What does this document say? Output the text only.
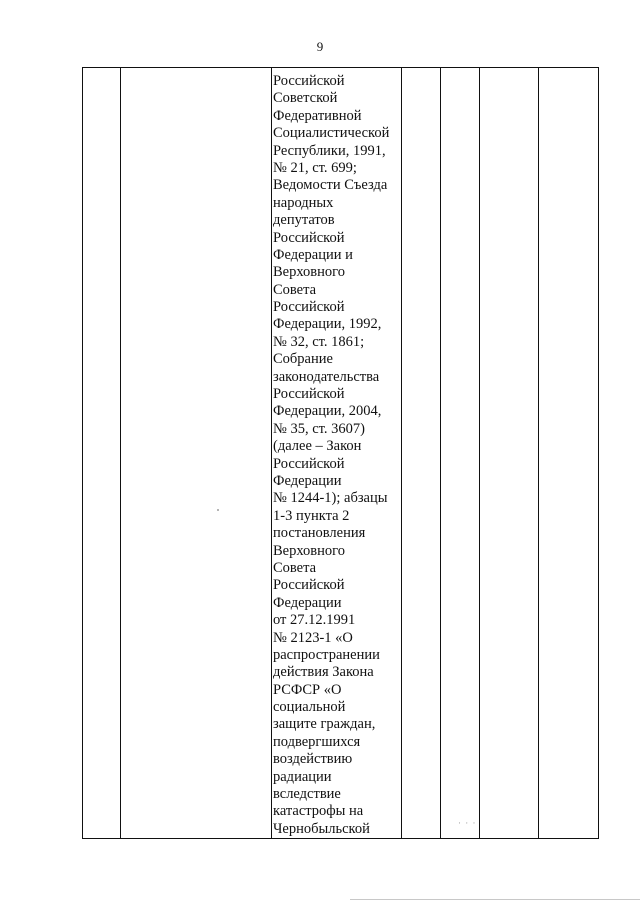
9
Российской
Советской
Федеративной
Социалистической
Республики, 1991,
№ 21, ст. 699;
Ведомости Съезда
народных
депутатов
Российской
Федерации и
Верховного
Совета
Российской
Федерации, 1992,
№ 32, ст. 1861;
Собрание
законодательства
Российской
Федерации, 2004,
№ 35, ст. 3607)
(далее – Закон
Российской
Федерации
№ 1244-1); абзацы
1-3 пункта 2
постановления
Верховного
Совета
Российской
Федерации
от 27.12.1991
№ 2123-1 «О
распространении
действия Закона
РСФСР «О
социальной
защите граждан,
подвергшихся
воздействию
радиации
вследствие
катастрофы на
Чернобыльской	· · ·
